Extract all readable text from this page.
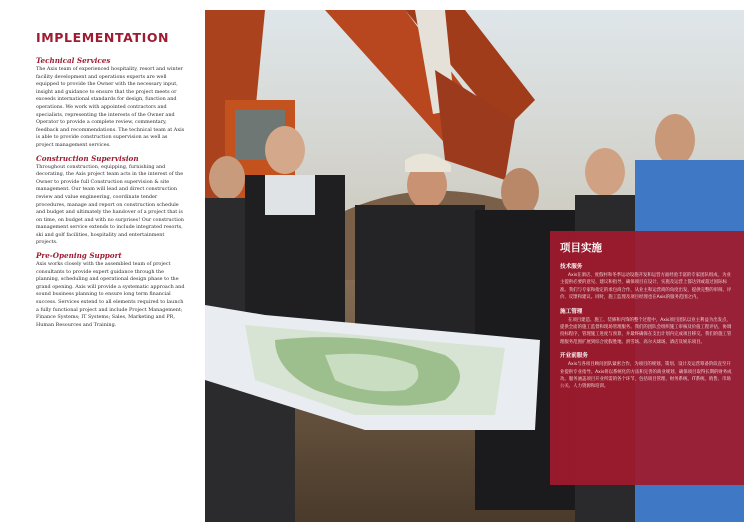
IMPLEMENTATION
Technical Services
The Axis team of experienced hospitality, resort and winter facility development and operations experts are well equipped to provide the Owner with the necessary input, insight and guidance to ensure that the project meets or exceeds international standards for design, function and operations. We work with appointed contractors and specialists, representing the interests of the Owner and Operator to provide a complete review, commentary, feedback and recommendations. The technical team at Axis is able to provide construction supervision as well as project management services.
Construction Supervision
Throughout construction, equipping, furnishing and decorating, the Axis project team acts in the interest of the Owner to provide full Construction supervision & site management. Our team will lead and direct construction review and value engineering, coordinate tender procedures, manage and report on construction schedule and budget and ultimately the handover of a project that is on time, on budget and with no surprises! Our construction management service extends to include integrated resorts, ski and golf facilities, hospitality and entertainment projects.
Pre-Opening Support
Axis works closely with the assembled team of project consultants to provide expert guidance through the planning, scheduling and operational design phase to the grand opening. Axis will provide a systematic approach and sound business planning to ensure long term financial success. Services extend to all elements required to launch a fully functional project and include Project Management; Finance Systems; IT Systems; Sales, Marketing and PR, Human Resources and Training.
项目实施
技术服务
Axis在酒店、度假村和冬季运动设施开发和运营方面经验丰富的专家团队组成，为业主提供必要的意见、建议和指导，确保项目在设计、实施及运营上都达到或超过国际标准。我们与专家和指定的承包商合作，从业主和运营商的角度出发，提供完整的审阅、评价、反馈和建议。同时，施工监理及项目经理也在Axis的服务范围之内。
施工管理
在项目建造、施工、装修和内饰的整个过程中，Axis项目团队以业主利益为出发点，提供全面的施工监督和现场管理服务。我们的团队会组织施工审核及价值工程评估，协调投标程序，管理施工进度与预算，并最终确保在支出计划内完成项目移交。我们的施工管理服务范围扩展到综合度假胜地、滑雪场、高尔夫球场、酒店及娱乐项目。
开业前服务
Axis与各项目顾问团队紧密合作，为项目的规划、策划、设计及运营筹备阶段直至开业提供专业指导。Axis将以系统化的方法和完善的商业规划，确保项目取得长期的财务成功。服务涵盖项目开业所需的各个环节，包括项目管理、财务系统、IT系统、销售、市场公关、人力资源和培训。
